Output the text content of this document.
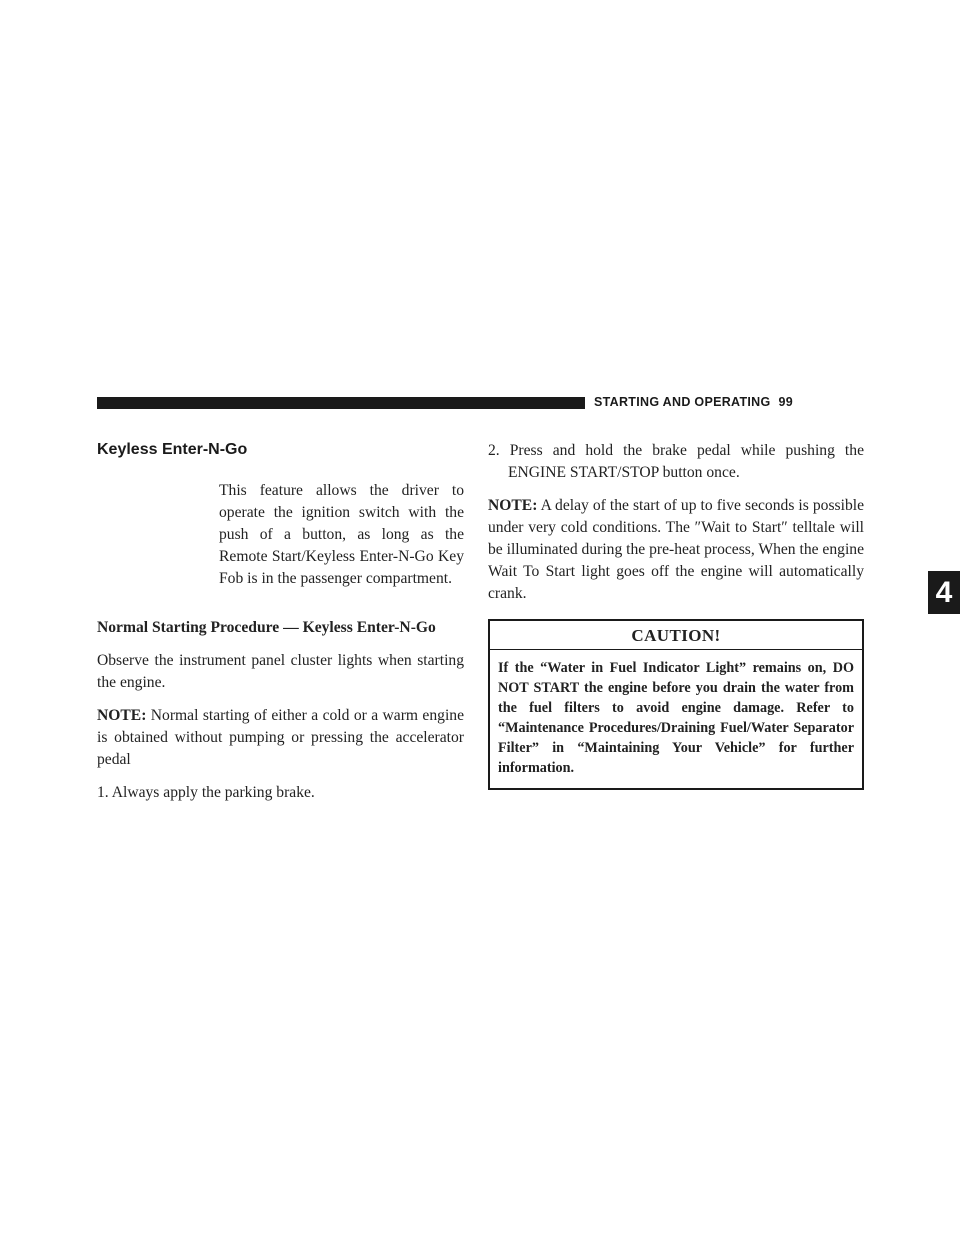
STARTING AND OPERATING 99
4
Keyless Enter-N-Go

This feature allows the driver to operate the ignition switch with the push of a button, as long as the Remote Start/Keyless Enter-N-Go Key Fob is in the passenger compartment.

Normal Starting Procedure — Keyless Enter-N-Go

Observe the instrument panel cluster lights when starting the engine.

NOTE: Normal starting of either a cold or a warm engine is obtained without pumping or pressing the accelerator pedal

1. Always apply the parking brake.

2. Press and hold the brake pedal while pushing the ENGINE START/STOP button once.

NOTE: A delay of the start of up to five seconds is possible under very cold conditions. The ″Wait to Start″ telltale will be illuminated during the pre-heat process, When the engine Wait To Start light goes off the engine will automatically crank.

CAUTION!
If the “Water in Fuel Indicator Light” remains on, DO NOT START the engine before you drain the water from the fuel filters to avoid engine damage. Refer to “Maintenance Procedures/Draining Fuel/Water Separator Filter” in “Maintaining Your Vehicle” for further information.
